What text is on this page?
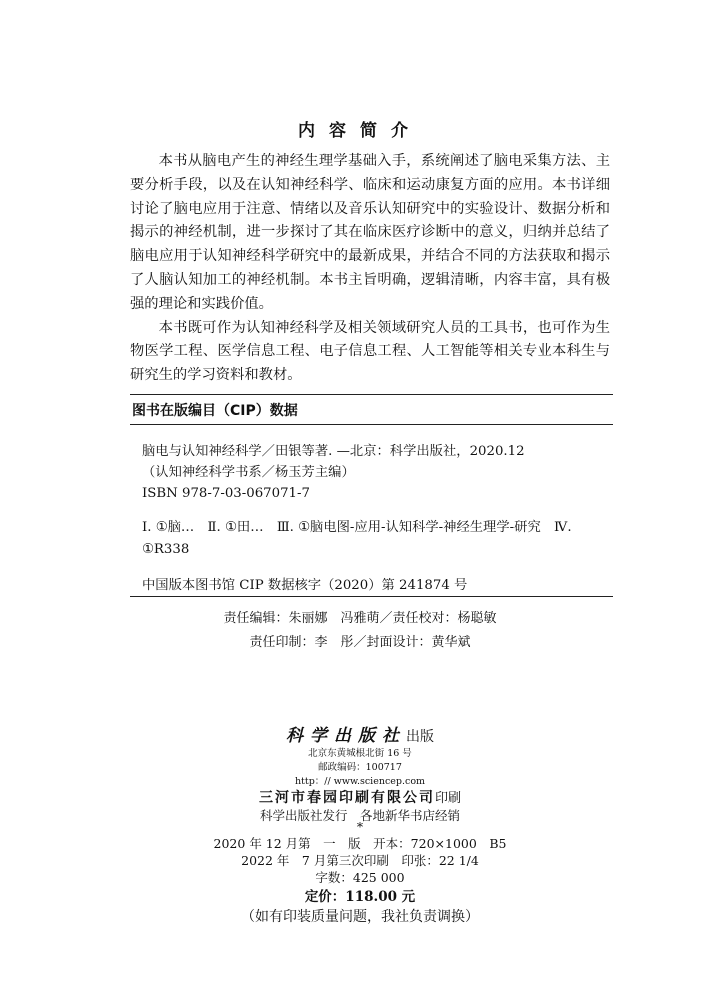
内容简介

本书从脑电产生的神经生理学基础入手，系统阐述了脑电采集方法、主要分析手段，以及在认知神经科学、临床和运动康复方面的应用。本书详细讨论了脑电应用于注意、情绪以及音乐认知研究中的实验设计、数据分析和揭示的神经机制，进一步探讨了其在临床医疗诊断中的意义，归纳并总结了脑电应用于认知神经科学研究中的最新成果，并结合不同的方法获取和揭示了人脑认知加工的神经机制。本书主旨明确，逻辑清晰，内容丰富，具有极强的理论和实践价值。

本书既可作为认知神经科学及相关领域研究人员的工具书，也可作为生物医学工程、医学信息工程、电子信息工程、人工智能等相关专业本科生与研究生的学习资料和教材。

图书在版编目（CIP）数据
脑电与认知神经科学／田银等著. —北京：科学出版社，2020.12
（认知神经科学书系／杨玉芳主编）
ISBN 978-7-03-067071-7
Ⅰ. ①脑…　Ⅱ. ①田…　Ⅲ. ①脑电图-应用-认知科学-神经生理学-研究　Ⅳ. ①R338
中国版本图书馆 CIP 数据核字（2020）第 241874 号
责任编辑：朱丽娜　冯雅萌／责任校对：杨聪敏
责任印制：李　彤／封面设计：黄华斌
科学出版社出版
北京东黄城根北街 16 号
邮政编码：100717
http：// www.sciencep.com
三河市春园印刷有限公司印刷
科学出版社发行　各地新华书店经销
*
2020 年 12 月第　一　版　开本：720×1000　B5
2022 年　7 月第三次印刷　印张：22 1/4
字数：425 000
定价：118.00 元
（如有印装质量问题，我社负责调换）
